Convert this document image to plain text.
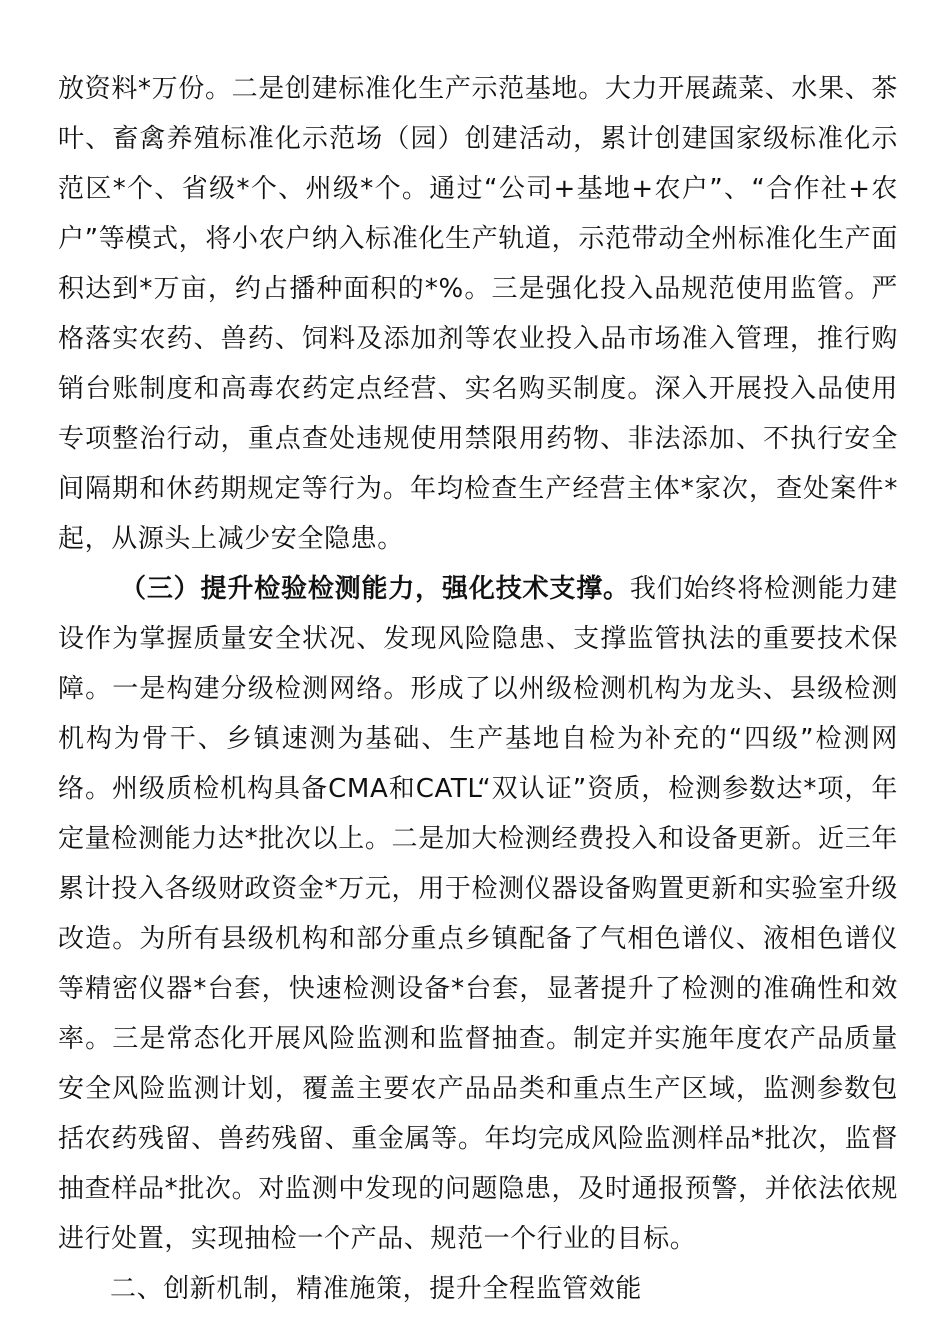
放资料*万份。二是创建标准化生产示范基地。大力开展蔬菜、水果、茶叶、畜禽养殖标准化示范场（园）创建活动，累计创建国家级标准化示范区*个、省级*个、州级*个。通过“公司+基地+农户”、“合作社+农户”等模式，将小农户纳入标准化生产轨道，示范带动全州标准化生产面积达到*万亩，约占播种面积的*%。三是强化投入品规范使用监管。严格落实农药、兽药、饲料及添加剂等农业投入品市场准入管理，推行购销台账制度和高毒农药定点经营、实名购买制度。深入开展投入品使用专项整治行动，重点查处违规使用禁限用药物、非法添加、不执行安全间隔期和休药期规定等行为。年均检查生产经营主体*家次，查处案件*起，从源头上减少安全隐患。

（三）提升检验检测能力，强化技术支撑。我们始终将检测能力建设作为掌握质量安全状况、发现风险隐患、支撑监管执法的重要技术保障。一是构建分级检测网络。形成了以州级检测机构为龙头、县级检测机构为骨干、乡镇速测为基础、生产基地自检为补充的“四级”检测网络。州级质检机构具备CMA和CATL“双认证”资质，检测参数达*项，年定量检测能力达*批次以上。二是加大检测经费投入和设备更新。近三年累计投入各级财政资金*万元，用于检测仪器设备购置更新和实验室升级改造。为所有县级机构和部分重点乡镇配备了气相色谱仪、液相色谱仪等精密仪器*台套，快速检测设备*台套，显著提升了检测的准确性和效率。三是常态化开展风险监测和监督抽查。制定并实施年度农产品质量安全风险监测计划，覆盖主要农产品品类和重点生产区域，监测参数包括农药残留、兽药残留、重金属等。年均完成风险监测样品*批次，监督抽查样品*批次。对监测中发现的问题隐患，及时通报预警，并依法依规进行处置，实现抽检一个产品、规范一个行业的目标。

二、创新机制，精准施策，提升全程监管效能
